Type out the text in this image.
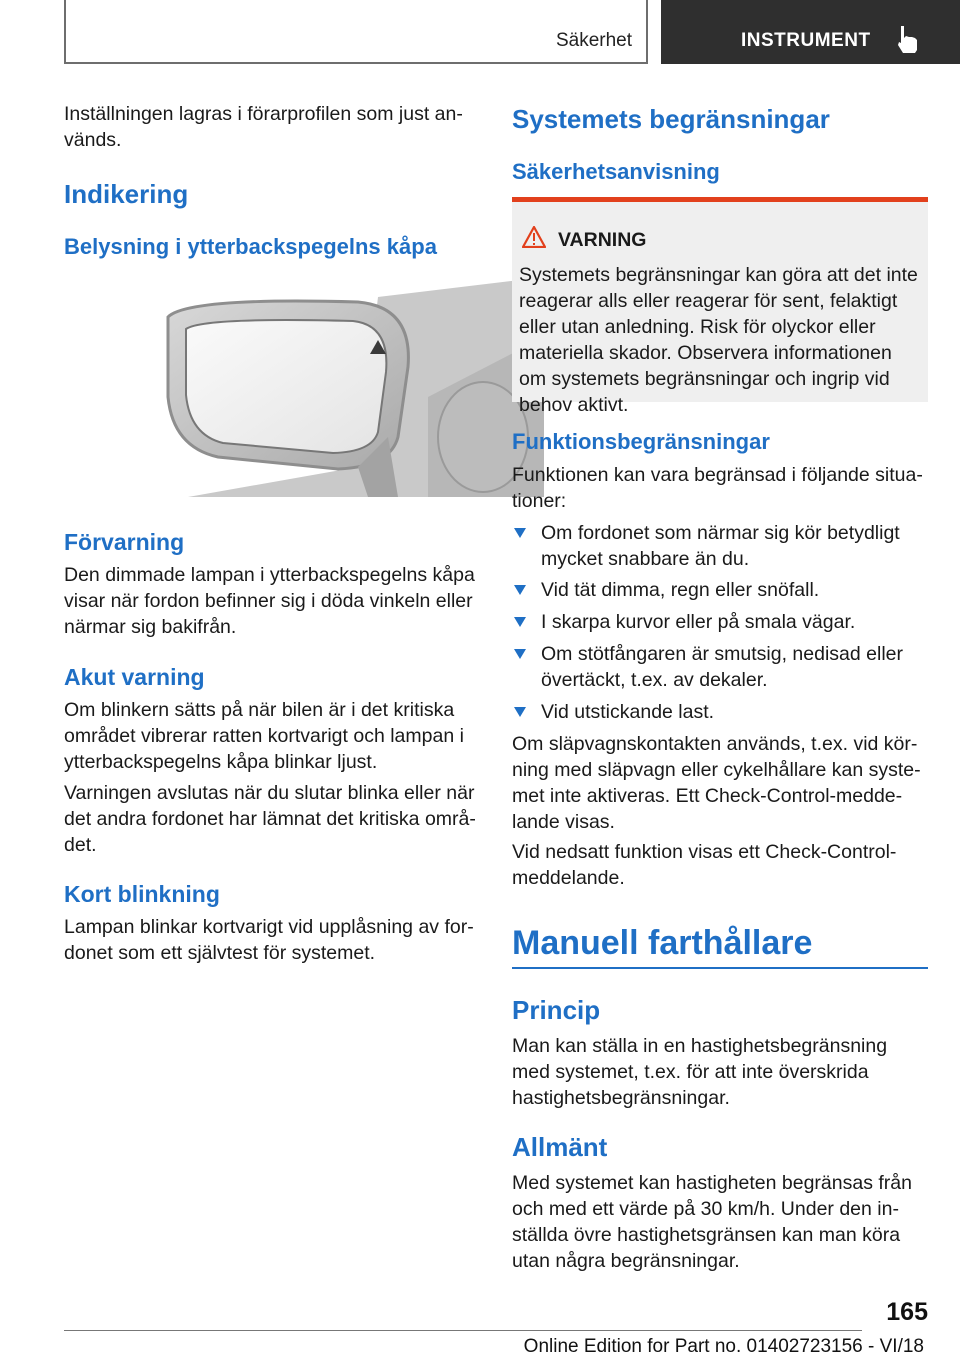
Säkerhet	INSTRUMENT

Inställningen lagras i förarprofilen som just används.

Indikering
Belysning i ytterbackspegelns kåpa
Förvarning

Den dimmade lampan i ytterbackspegelns kåpa visar när fordon befinner sig i döda vinkeln eller närmar sig bakifrån.

Akut varning

Om blinkern sätts på när bilen är i det kritiska området vibrerar ratten kortvarigt och lampan i ytterbackspegelns kåpa blinkar ljust.

Varningen avslutas när du slutar blinka eller när det andra fordonet har lämnat det kritiska området.

Kort blinkning

Lampan blinkar kortvarigt vid upplåsning av fordonet som ett självtest för systemet.

Systemets begränsningar
Säkerhetsanvisning
VARNING

Systemets begränsningar kan göra att det inte reagerar alls eller reagerar för sent, felaktigt eller utan anledning. Risk för olyckor eller materiella skador. Observera informationen om systemets begränsningar och ingrip vid behov aktivt.

Funktionsbegränsningar

Funktionen kan vara begränsad i följande situationer:

Om fordonet som närmar sig kör betydligt mycket snabbare än du.
Vid tät dimma, regn eller snöfall.
I skarpa kurvor eller på smala vägar.
Om stötfångaren är smutsig, nedisad eller övertäckt, t.ex. av dekaler.
Vid utstickande last.

Om släpvagnskontakten används, t.ex. vid körning med släpvagn eller cykelhållare kan systemet inte aktiveras. Ett Check-Control-meddelande visas.

Vid nedsatt funktion visas ett Check-Control-meddelande.

Manuell farthållare
Princip

Man kan ställa in en hastighetsbegränsning med systemet, t.ex. för att inte överskrida hastighetsbegränsningar.

Allmänt

Med systemet kan hastigheten begränsas från och med ett värde på 30 km/h. Under den inställda övre hastighetsgränsen kan man köra utan några begränsningar.

165
Online Edition for Part no. 01402723156 - VI/18
